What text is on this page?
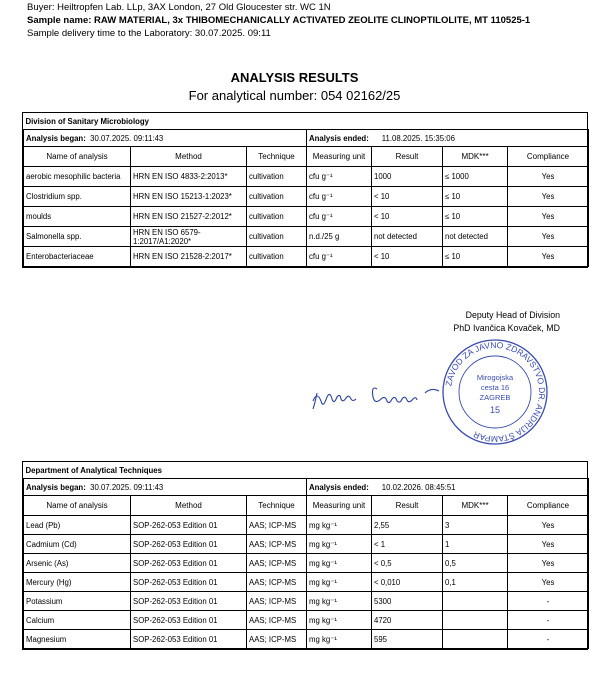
Buyer: Heiltropfen Lab. LLp, 3AX London, 27 Old Gloucester str. WC 1N
Sample name: RAW MATERIAL, 3x THIBOMECHANICALLY ACTIVATED ZEOLITE CLINOPTILOLITE, MT 110525-1
Sample delivery time to the Laboratory: 30.07.2025. 09:11
ANALYSIS RESULTS
For analytical number: 054 02162/25
Division of Sanitary Microbiology						
Analysis began: 30.07.2025. 09:11:43			Analysis ended: 11.08.2025. 15:35:06			
Name of analysis	Method	Technique	Measuring unit	Result	MDK***	Compliance
aerobic mesophilic bacteria	HRN EN ISO 4833-2:2013*	cultivation	cfu g⁻¹	1000	≤ 1000	Yes
Clostridium spp.	HRN EN ISO 15213-1:2023*	cultivation	cfu g⁻¹	< 10	≤ 10	Yes
moulds	HRN EN ISO 21527-2:2012*	cultivation	cfu g⁻¹	< 10	≤ 10	Yes
Salmonella spp.	HRN EN ISO 6579-1:2017/A1:2020*	cultivation	n.d./25 g	not detected	not detected	Yes
Enterobacteriaceae	HRN EN ISO 21528-2:2017*	cultivation	cfu g⁻¹	< 10	≤ 10	Yes
Deputy Head of Division
PhD Ivančica Kovaček, MD
ZAVOD ZA JAVNO ZDRAVSTVO DR. ANDRIJA ŠTAMPAR
Mirogojska
cesta 16
ZAGREB
15
Department of Analytical Techniques						
Analysis began: 30.07.2025. 09:11:43			Analysis ended: 10.02.2026. 08:45:51			
Name of analysis	Method	Technique	Measuring unit	Result	MDK***	Compliance
Lead (Pb)	SOP-262-053 Edition 01	AAS; ICP-MS	mg kg⁻¹	2,55	3	Yes
Cadmium (Cd)	SOP-262-053 Edition 01	AAS; ICP-MS	mg kg⁻¹	< 1	1	Yes
Arsenic (As)	SOP-262-053 Edition 01	AAS; ICP-MS	mg kg⁻¹	< 0,5	0,5	Yes
Mercury (Hg)	SOP-262-053 Edition 01	AAS; ICP-MS	mg kg⁻¹	< 0,010	0,1	Yes
Potassium	SOP-262-053 Edition 01	AAS; ICP-MS	mg kg⁻¹	5300		-
Calcium	SOP-262-053 Edition 01	AAS; ICP-MS	mg kg⁻¹	4720		-
Magnesium	SOP-262-053 Edition 01	AAS; ICP-MS	mg kg⁻¹	595		-
